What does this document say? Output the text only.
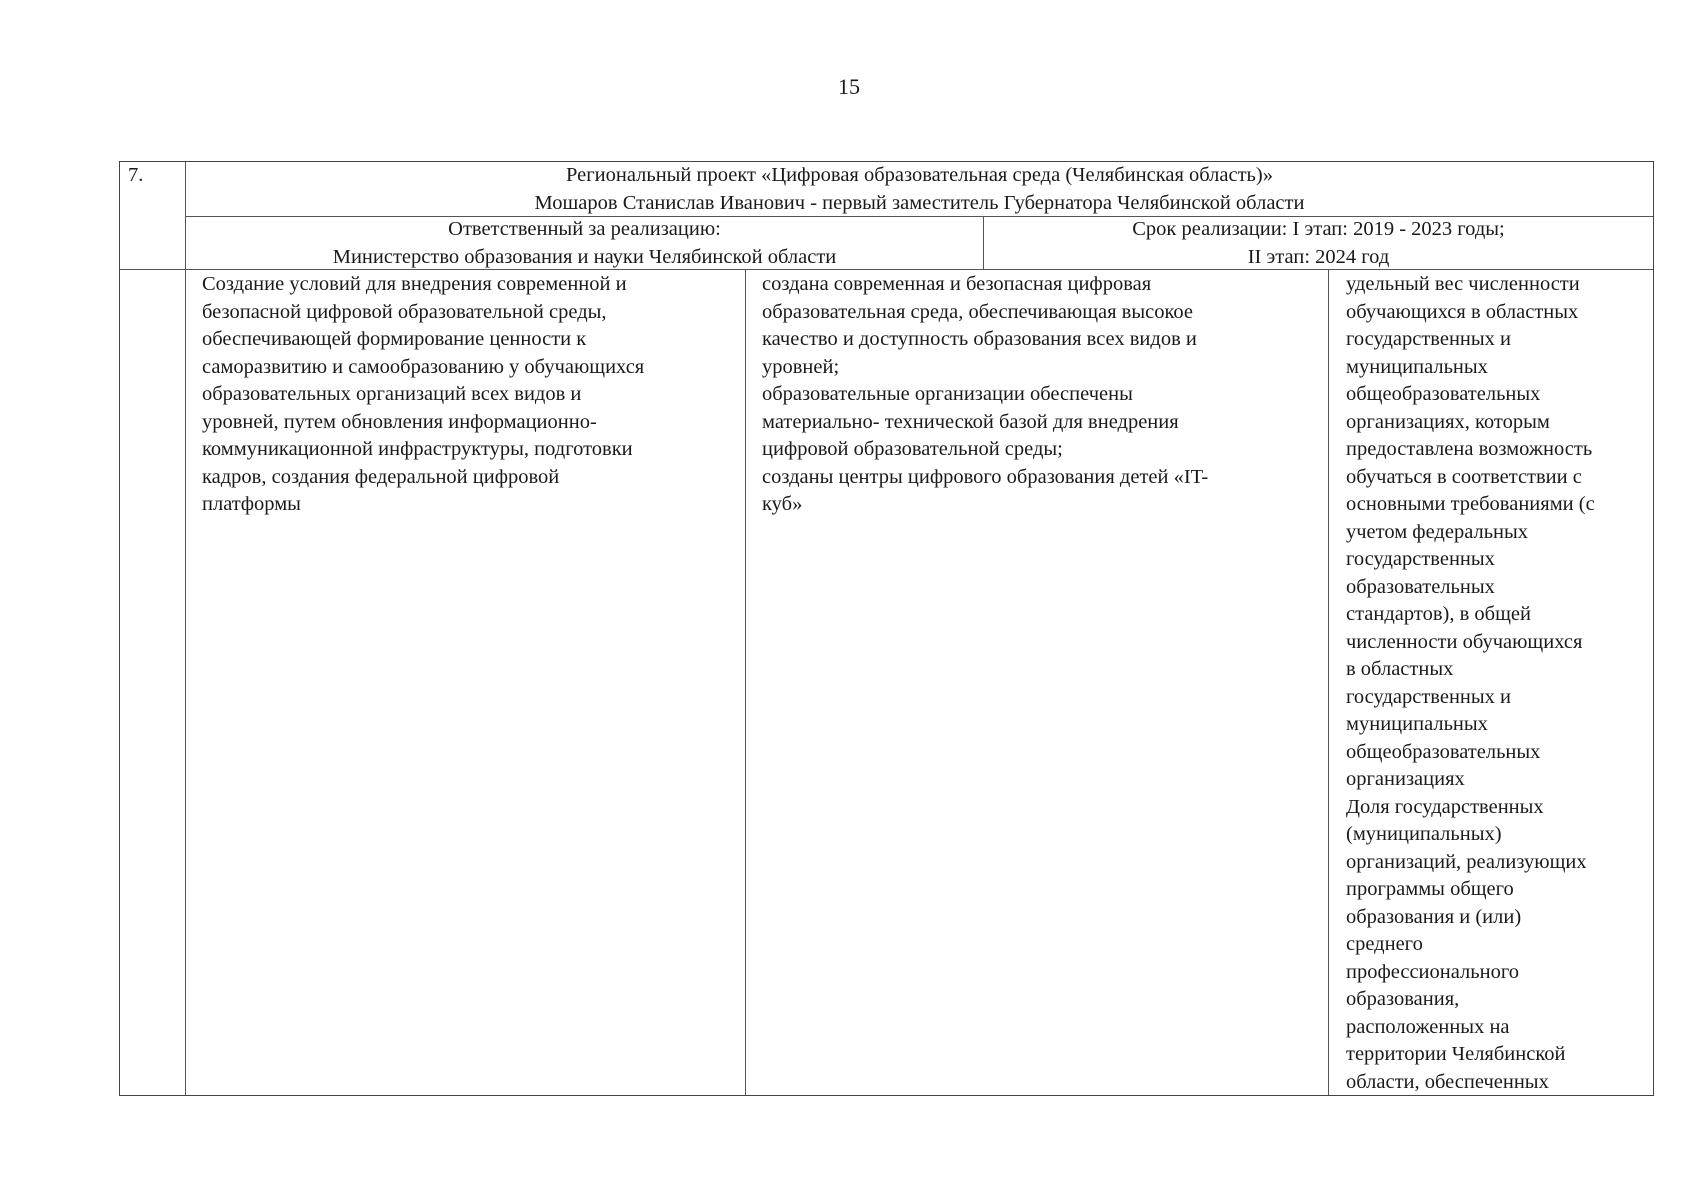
15
7.	Региональный проект «Цифровая образовательная среда (Челябинская область)»
Мошаров Станислав Иванович - первый заместитель Губернатора Челябинской области
Ответственный за реализацию:
Министерство образования и науки Челябинской области
Срок реализации: I этап: 2019 - 2023 годы;
II этап: 2024 год
Создание условий для внедрения современной и
безопасной цифровой образовательной среды,
обеспечивающей формирование ценности к
саморазвитию и самообразованию у обучающихся
образовательных организаций всех видов и
уровней, путем обновления информационно-
коммуникационной инфраструктуры, подготовки
кадров, создания федеральной цифровой
платформы
создана современная и безопасная цифровая
образовательная среда, обеспечивающая высокое
качество и доступность образования всех видов и
уровней;
образовательные организации обеспечены
материально- технической базой для внедрения
цифровой образовательной среды;
созданы центры цифрового образования детей «IT-
куб»
удельный вес численности
обучающихся в областных
государственных и
муниципальных
общеобразовательных
организациях, которым
предоставлена возможность
обучаться в соответствии с
основными требованиями (с
учетом федеральных
государственных
образовательных
стандартов), в общей
численности обучающихся
в областных
государственных и
муниципальных
общеобразовательных
организациях
Доля государственных
(муниципальных)
организаций, реализующих
программы общего
образования и (или)
среднего
профессионального
образования,
расположенных на
территории Челябинской
области, обеспеченных
